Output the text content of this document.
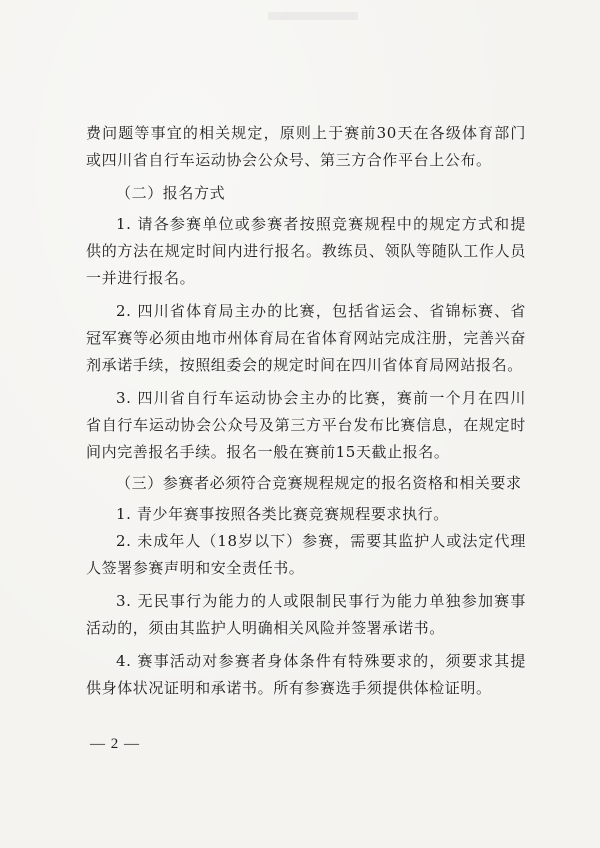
费问题等事宜的相关规定，原则上于赛前30天在各级体育部门或四川省自行车运动协会公众号、第三方合作平台上公布。

（二）报名方式

1. 请各参赛单位或参赛者按照竞赛规程中的规定方式和提供的方法在规定时间内进行报名。教练员、领队等随队工作人员一并进行报名。

2. 四川省体育局主办的比赛，包括省运会、省锦标赛、省冠军赛等必须由地市州体育局在省体育网站完成注册，完善兴奋剂承诺手续，按照组委会的规定时间在四川省体育局网站报名。

3. 四川省自行车运动协会主办的比赛，赛前一个月在四川省自行车运动协会公众号及第三方平台发布比赛信息，在规定时间内完善报名手续。报名一般在赛前15天截止报名。

（三）参赛者必须符合竞赛规程规定的报名资格和相关要求

1. 青少年赛事按照各类比赛竞赛规程要求执行。

2. 未成年人（18岁以下）参赛，需要其监护人或法定代理人签署参赛声明和安全责任书。

3. 无民事行为能力的人或限制民事行为能力单独参加赛事活动的，须由其监护人明确相关风险并签署承诺书。

4. 赛事活动对参赛者身体条件有特殊要求的，须要求其提供身体状况证明和承诺书。所有参赛选手须提供体检证明。

— 2 —
